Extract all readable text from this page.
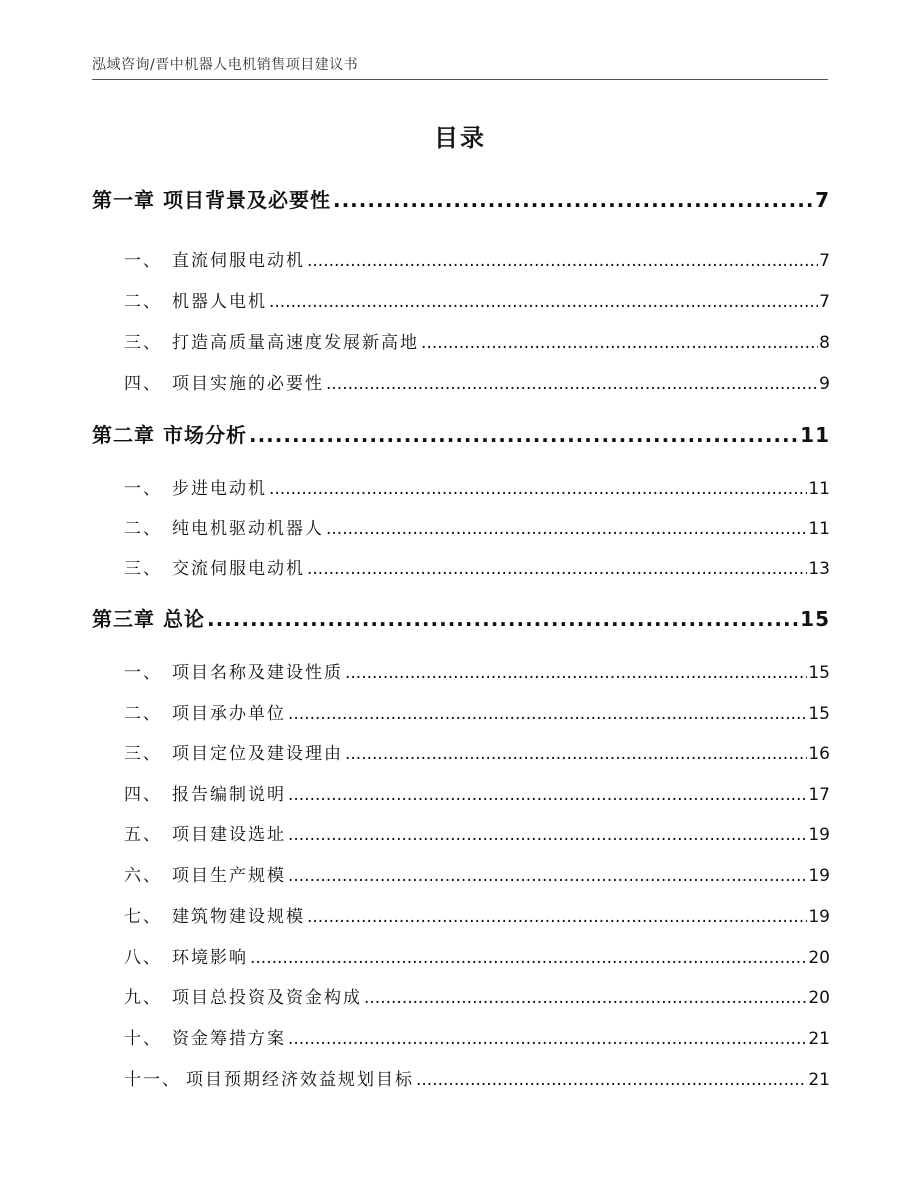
泓域咨询/晋中机器人电机销售项目建议书
目录
第一章 项目背景及必要性 .....	7
一、 直流伺服电动机 .....	7
二、 机器人电机 .....	7
三、 打造高质量高速度发展新高地 .....	8
四、 项目实施的必要性 .....	9
第二章 市场分析 .....	11
一、 步进电动机 .....	11
二、 纯电机驱动机器人 .....	11
三、 交流伺服电动机 .....	13
第三章 总论 .....	15
一、 项目名称及建设性质 .....	15
二、 项目承办单位 .....	15
三、 项目定位及建设理由 .....	16
四、 报告编制说明 .....	17
五、 项目建设选址 .....	19
六、 项目生产规模 .....	19
七、 建筑物建设规模 .....	19
八、 环境影响 .....	20
九、 项目总投资及资金构成 .....	20
十、 资金筹措方案 .....	21
十一、 项目预期经济效益规划目标 .....	21
